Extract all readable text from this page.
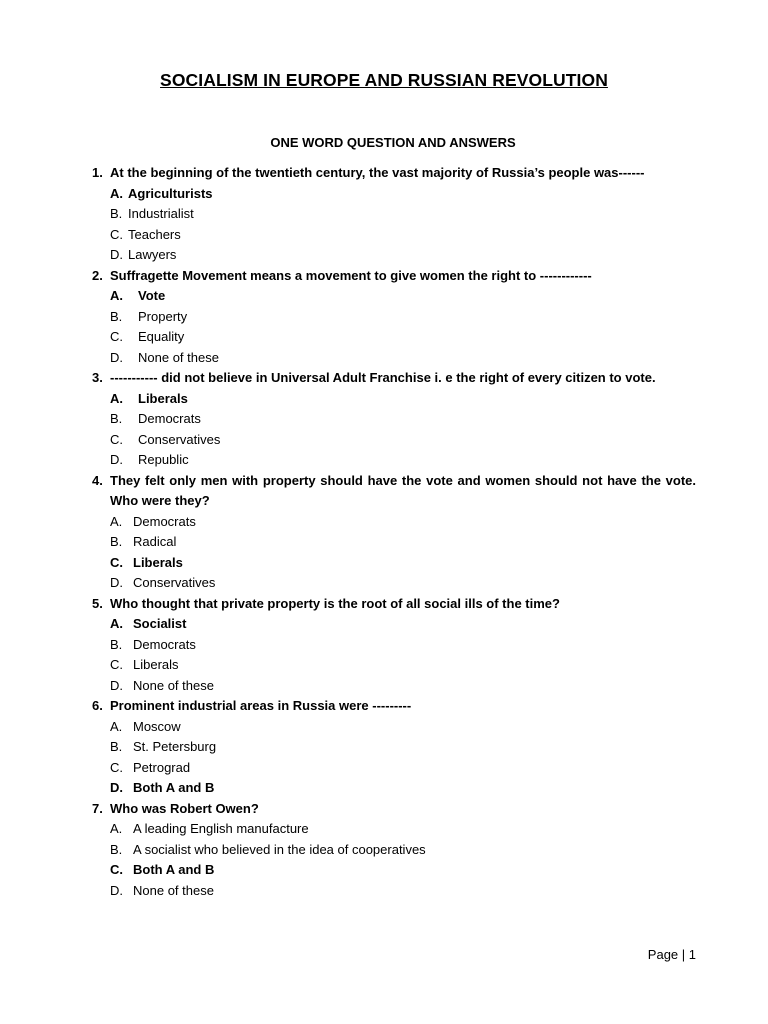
SOCIALISM IN EUROPE AND RUSSIAN REVOLUTION
ONE WORD QUESTION AND ANSWERS
1. At the beginning of the twentieth century, the vast majority of Russia’s people was------
A. Agriculturists
B. Industrialist
C. Teachers
D. Lawyers
2. Suffragette Movement means a movement to give women the right to ------------
A.	Vote
B.	Property
C.	Equality
D.	None of these
3. ----------- did not believe in Universal Adult Franchise i. e the right of every citizen to vote.
A.	Liberals
B.	Democrats
C.	Conservatives
D.	Republic
4. They felt only men with property should have the vote and women should not have the vote. Who were they?
A. Democrats
B. Radical
C. Liberals
D. Conservatives
5. Who thought that private property is the root of all social ills of the time?
A. Socialist
B. Democrats
C. Liberals
D. None of these
6. Prominent industrial areas in Russia were ---------
A. Moscow
B. St. Petersburg
C. Petrograd
D. Both A and B
7. Who was Robert Owen?
A. A leading English manufacture
B. A socialist who believed in the idea of cooperatives
C. Both A and B
D. None of these
Page | 1
